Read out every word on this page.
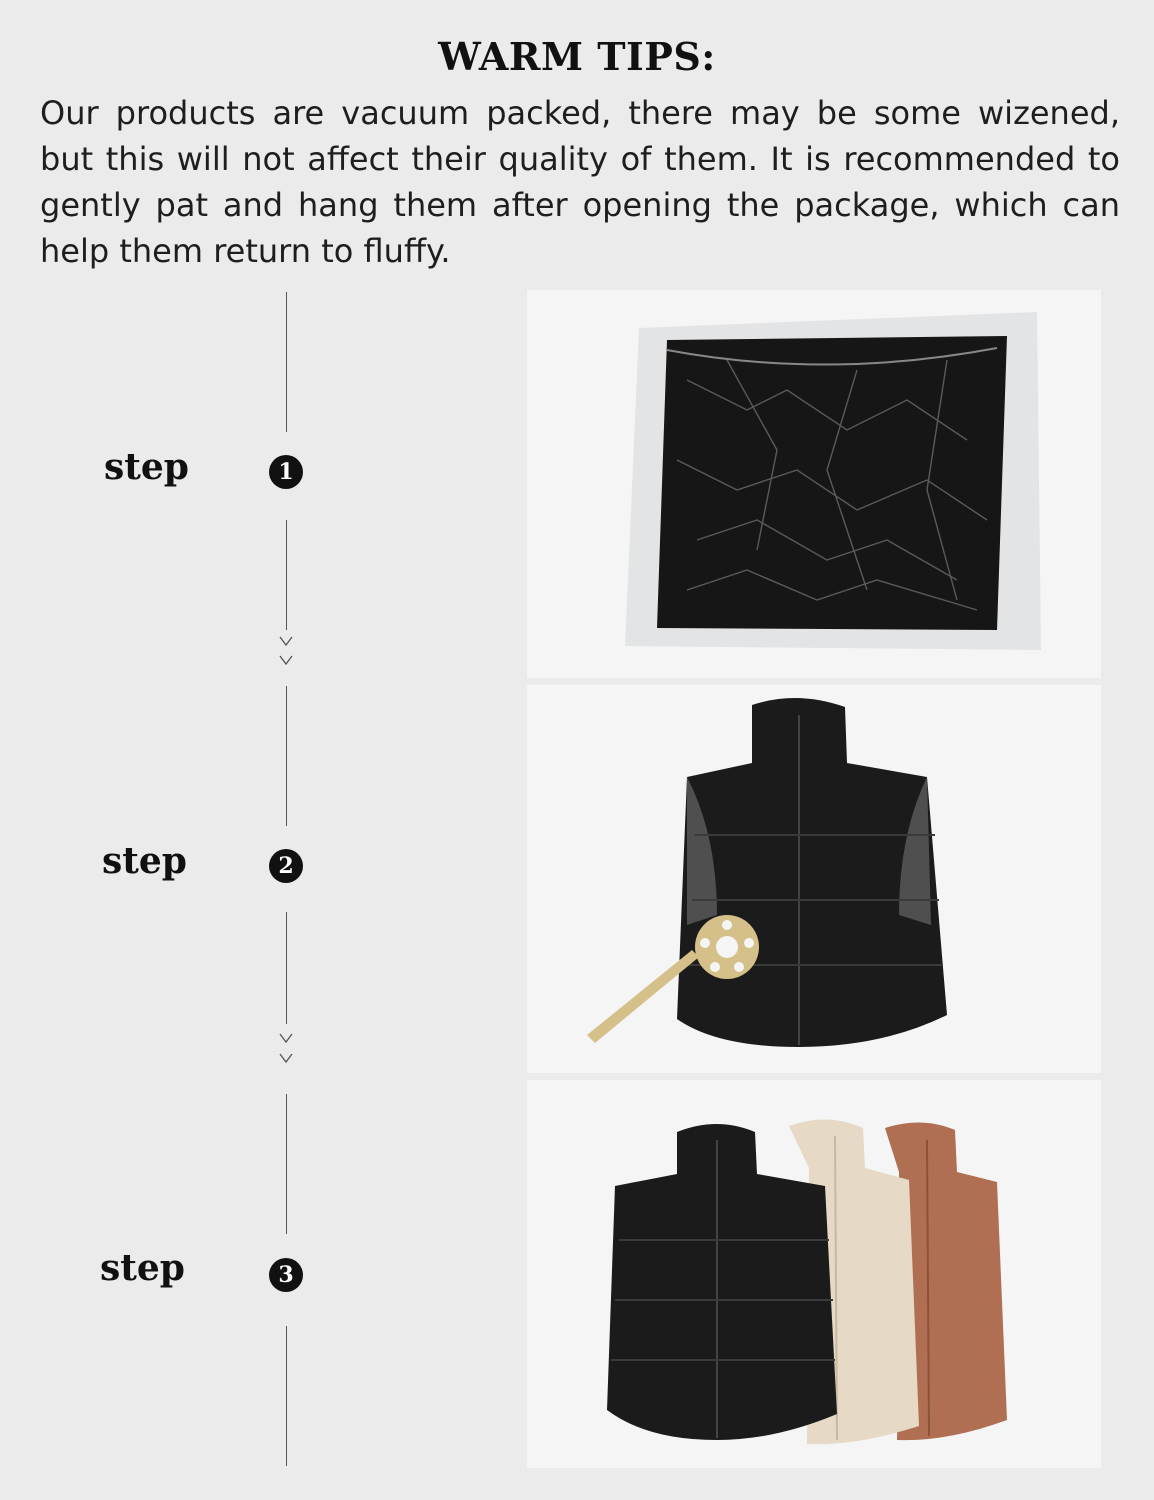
WARM TIPS:
Our products are vacuum packed, there may be some wizened, but this will not affect their quality of them. It is recommended to gently pat and hang them after opening the package, which can help them return to fluffy.
step	1
step	2
step	3
